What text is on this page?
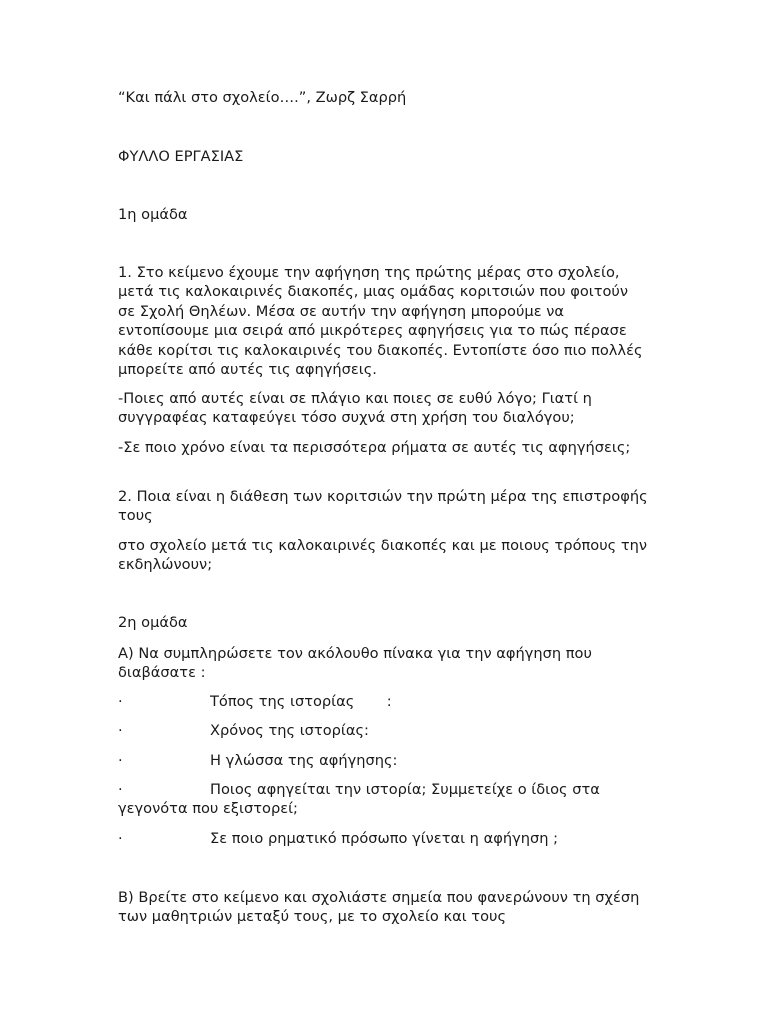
“Και πάλι στο σχολείο….”, Ζωρζ Σαρρή
ΦΥΛΛΟ ΕΡΓΑΣΙΑΣ
1η ομάδα
1. Στο κείμενο έχουμε την αφήγηση της πρώτης μέρας στο σχολείο, μετά τις καλοκαιρινές διακοπές, μιας ομάδας κοριτσιών που φοιτούν σε Σχολή Θηλέων. Μέσα σε αυτήν την αφήγηση μπορούμε να εντοπίσουμε μια σειρά από μικρότερες αφηγήσεις για το πώς πέρασε κάθε κορίτσι τις καλοκαιρινές του διακοπές. Εντοπίστε όσο πιο πολλές μπορείτε από αυτές τις αφηγήσεις.
-Ποιες από αυτές είναι σε πλάγιο και ποιες σε ευθύ λόγο; Γιατί η συγγραφέας καταφεύγει τόσο συχνά στη χρήση του διαλόγου;
-Σε ποιο χρόνο είναι τα περισσότερα ρήματα σε αυτές τις αφηγήσεις;
2. Ποια είναι η διάθεση των κοριτσιών την πρώτη μέρα της επιστροφής τους
στο σχολείο μετά τις καλοκαιρινές διακοπές και με ποιους τρόπους την εκδηλώνουν;
2η ομάδα
Α) Να συμπληρώσετε τον ακόλουθο πίνακα για την αφήγηση που διαβάσατε :
·	Τόπος της ιστορίας       :
·	Χρόνος της ιστορίας:
·	Η γλώσσα της αφήγησης:
·	Ποιος αφηγείται την ιστορία; Συμμετείχε ο ίδιος στα γεγονότα που εξιστορεί;
·	Σε ποιο ρηματικό πρόσωπο γίνεται η αφήγηση ;
Β) Βρείτε στο κείμενο και σχολιάστε σημεία που φανερώνουν τη σχέση των μαθητριών μεταξύ τους, με το σχολείο και τους
